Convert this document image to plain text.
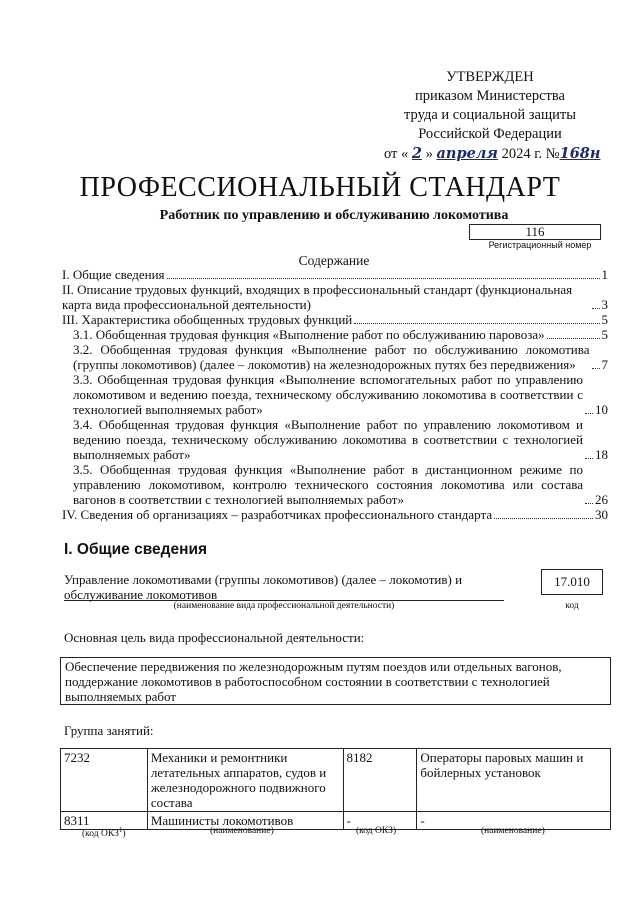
УТВЕРЖДЕН
приказом Министерства
труда и социальной защиты
Российской Федерации
от « 2 » апреля 2024 г. №168н
ПРОФЕССИОНАЛЬНЫЙ СТАНДАРТ
Работник по управлению и обслуживанию локомотива
116
Регистрационный номер
Содержание
I. Общие сведения	1
II. Описание трудовых функций, входящих в профессиональный стандарт (функциональная карта вида профессиональной деятельности)	3
III. Характеристика обобщенных трудовых функций	5
3.1. Обобщенная трудовая функция «Выполнение работ по обслуживанию паровоза»	5
3.2. Обобщенная трудовая функция «Выполнение работ по обслуживанию локомотива (группы локомотивов) (далее – локомотив) на железнодорожных путях без передвижения»	7
3.3. Обобщенная трудовая функция «Выполнение вспомогательных работ по управлению локомотивом и ведению поезда, техническому обслуживанию локомотива в соответствии с технологией выполняемых работ»	10
3.4. Обобщенная трудовая функция «Выполнение работ по управлению локомотивом и ведению поезда, техническому обслуживанию локомотива в соответствии с технологией выполняемых работ»	18
3.5. Обобщенная трудовая функция «Выполнение работ в дистанционном режиме по управлению локомотивом, контролю технического состояния локомотива или состава вагонов в соответствии с технологией выполняемых работ»	26
IV. Сведения об организациях – разработчиках профессионального стандарта	30
I. Общие сведения
Управление локомотивами (группы локомотивов) (далее – локомотив) и обслуживание локомотивов
(наименование вида профессиональной деятельности)
17.010
код
Основная цель вида профессиональной деятельности:
Обеспечение передвижения по железнодорожным путям поездов или отдельных вагонов, поддержание локомотивов в работоспособном состоянии в соответствии с технологией выполняемых работ
Группа занятий:
7232	Механики и ремонтники летательных аппаратов, судов и железнодорожного подвижного состава	8182	Операторы паровых машин и бойлерных установок
8311	Машинисты локомотивов	-	-
(код ОКЗ$^1$)	(наименование)	(код ОКЗ)	(наименование)
